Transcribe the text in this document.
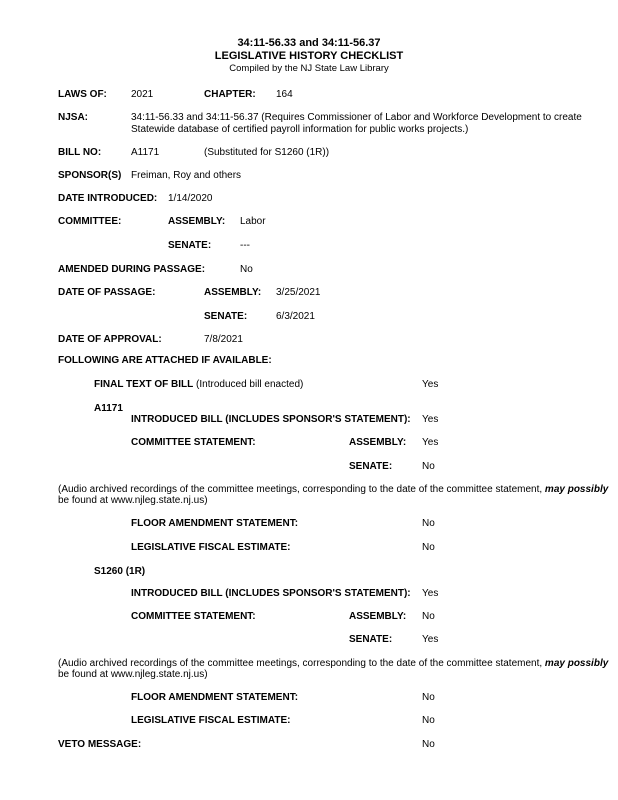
34:11-56.33 and 34:11-56.37
LEGISLATIVE HISTORY CHECKLIST
Compiled by the NJ State Law Library
LAWS OF: 2021	CHAPTER: 164
NJSA:	34:11-56.33 and 34:11-56.37 (Requires Commissioner of Labor and Workforce Development to create
Statewide database of certified payroll information for public works projects.)
BILL NO:	A1171	(Substituted for S1260 (1R))
SPONSOR(S) Freiman, Roy and others
DATE INTRODUCED: 1/14/2020
COMMITTEE:	ASSEMBLY: Labor
SENATE:	---
AMENDED DURING PASSAGE:	No
DATE OF PASSAGE:	ASSEMBLY: 3/25/2021
SENATE:	6/3/2021
DATE OF APPROVAL:	7/8/2021
FOLLOWING ARE ATTACHED IF AVAILABLE:
FINAL TEXT OF BILL (Introduced bill enacted)	Yes
A1171
INTRODUCED BILL (INCLUDES SPONSOR'S STATEMENT): Yes
COMMITTEE STATEMENT:	ASSEMBLY: Yes
SENATE:	No
(Audio archived recordings of the committee meetings, corresponding to the date of the committee statement, may possibly
be found at www.njleg.state.nj.us)
FLOOR AMENDMENT STATEMENT:	No
LEGISLATIVE FISCAL ESTIMATE:	No
S1260 (1R)
INTRODUCED BILL (INCLUDES SPONSOR'S STATEMENT): Yes
COMMITTEE STATEMENT:	ASSEMBLY: No
SENATE:	Yes
(Audio archived recordings of the committee meetings, corresponding to the date of the committee statement, may possibly
be found at www.njleg.state.nj.us)
FLOOR AMENDMENT STATEMENT:	No
LEGISLATIVE FISCAL ESTIMATE:	No
VETO MESSAGE:	No
